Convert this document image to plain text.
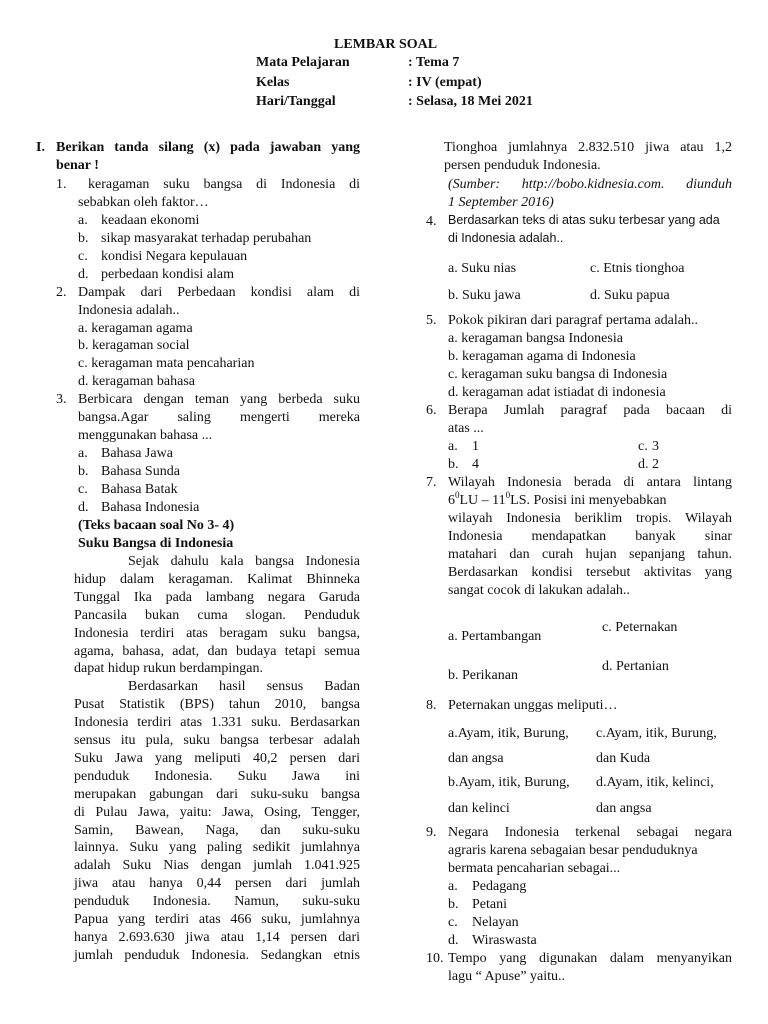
LEMBAR SOAL
Mata Pelajaran	: Tema 7
Kelas	: IV (empat)
Hari/Tanggal	: Selasa, 18 Mei 2021
I. Berikan tanda silang (x) pada jawaban yang
benar !
1. keragaman suku bangsa di Indonesia di
sebabkan oleh faktor…
a. keadaan ekonomi
b. sikap masyarakat terhadap perubahan
c. kondisi Negara kepulauan
d. perbedaan kondisi alam
2. Dampak dari Perbedaan kondisi alam di
Indonesia adalah..
a. keragaman agama
b. keragaman social
c. keragaman mata pencaharian
d. keragaman bahasa
3. Berbicara dengan teman yang berbeda suku
bangsa.Agar saling mengerti mereka
menggunakan bahasa ...
a. Bahasa Jawa
b. Bahasa Sunda
c. Bahasa Batak
d. Bahasa Indonesia
(Teks bacaan soal No 3- 4)
Suku Bangsa di Indonesia
Sejak dahulu kala bangsa Indonesia
hidup dalam keragaman. Kalimat Bhinneka
Tunggal Ika pada lambang negara Garuda
Pancasila bukan cuma slogan. Penduduk
Indonesia terdiri atas beragam suku bangsa,
agama, bahasa, adat, dan budaya tetapi semua
dapat hidup rukun berdampingan.
Berdasarkan hasil sensus Badan
Pusat Statistik (BPS) tahun 2010, bangsa
Indonesia terdiri atas 1.331 suku. Berdasarkan
sensus itu pula, suku bangsa terbesar adalah
Suku Jawa yang meliputi 40,2 persen dari
penduduk Indonesia. Suku Jawa ini
merupakan gabungan dari suku-suku bangsa
di Pulau Jawa, yaitu: Jawa, Osing, Tengger,
Samin, Bawean, Naga, dan suku-suku
lainnya. Suku yang paling sedikit jumlahnya
adalah Suku Nias dengan jumlah 1.041.925
jiwa atau hanya 0,44 persen dari jumlah
penduduk Indonesia. Namun, suku-suku
Papua yang terdiri atas 466 suku, jumlahnya
hanya 2.693.630 jiwa atau 1,14 persen dari
jumlah penduduk Indonesia. Sedangkan etnis
Tionghoa jumlahnya 2.832.510 jiwa atau 1,2
persen penduduk Indonesia.
(Sumber: http://bobo.kidnesia.com. diunduh
1 September 2016)
4. Berdasarkan teks di atas suku terbesar yang ada
di Indonesia adalah..
a. Suku nias	c. Etnis tionghoa
b. Suku jawa	d. Suku papua
5. Pokok pikiran dari paragraf pertama adalah..
a. keragaman bangsa Indonesia
b. keragaman agama di Indonesia
c. keragaman suku bangsa di Indonesia
d. keragaman adat istiadat di indonesia
6. Berapa Jumlah paragraf pada bacaan di
atas ...
a. 1	c. 3
b. 4	d. 2
7. Wilayah Indonesia berada di antara lintang
$6^0LU - 11^0LS$. Posisi ini menyebabkan
wilayah Indonesia beriklim tropis. Wilayah
Indonesia mendapatkan banyak sinar
matahari dan curah hujan sepanjang tahun.
Berdasarkan kondisi tersebut aktivitas yang
sangat cocok di lakukan adalah..
a. Pertambangan
c. Peternakan
b. Perikanan
d. Pertanian
8. Peternakan unggas meliputi…
a.Ayam, itik, Burung,
dan angsa
c.Ayam, itik, Burung,
dan Kuda
b.Ayam, itik, Burung,
dan kelinci
d.Ayam, itik, kelinci,
dan angsa
9. Negara Indonesia terkenal sebagai negara
agraris karena sebagaian besar penduduknya
bermata pencaharian sebagai...
a. Pedagang
b. Petani
c. Nelayan
d. Wiraswasta
10. Tempo yang digunakan dalam menyanyikan
lagu “ Apuse” yaitu..
